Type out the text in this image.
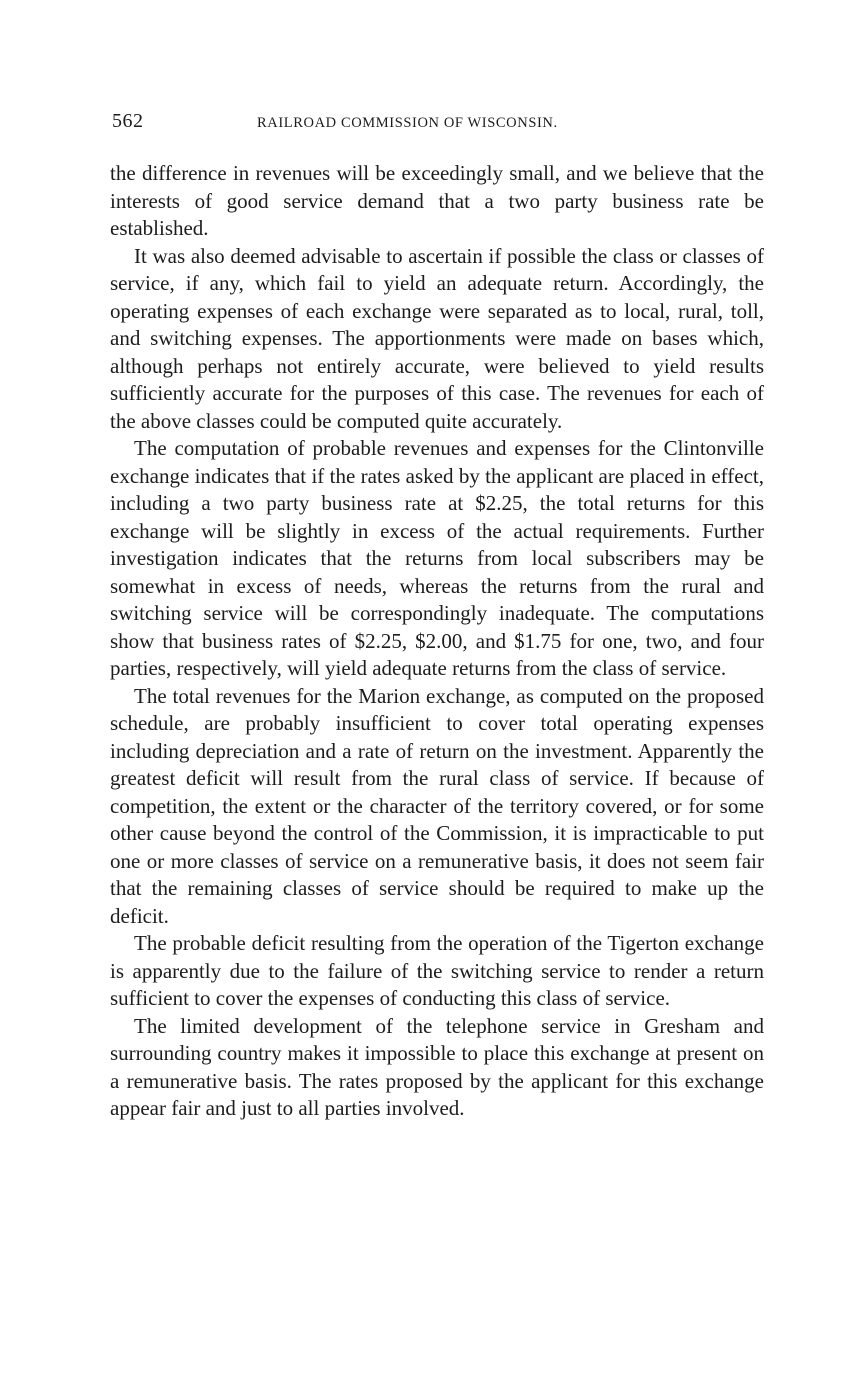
562	RAILROAD COMMISSION OF WISCONSIN.

the difference in revenues will be exceedingly small, and we believe that the interests of good service demand that a two party business rate be established.

It was also deemed advisable to ascertain if possible the class or classes of service, if any, which fail to yield an adequate return. Accordingly, the operating expenses of each exchange were separated as to local, rural, toll, and switching expenses. The apportionments were made on bases which, although perhaps not entirely accurate, were believed to yield results sufficiently accurate for the purposes of this case. The revenues for each of the above classes could be computed quite accurately.

The computation of probable revenues and expenses for the Clintonville exchange indicates that if the rates asked by the applicant are placed in effect, including a two party business rate at $2.25, the total returns for this exchange will be slightly in excess of the actual requirements. Further investigation indicates that the returns from local subscribers may be somewhat in excess of needs, whereas the returns from the rural and switching service will be correspondingly inadequate. The computations show that business rates of $2.25, $2.00, and $1.75 for one, two, and four parties, respectively, will yield adequate returns from the class of service.

The total revenues for the Marion exchange, as computed on the proposed schedule, are probably insufficient to cover total operating expenses including depreciation and a rate of return on the investment. Apparently the greatest deficit will result from the rural class of service. If because of competition, the extent or the character of the territory covered, or for some other cause beyond the control of the Commission, it is impracticable to put one or more classes of service on a remunerative basis, it does not seem fair that the remaining classes of service should be required to make up the deficit.

The probable deficit resulting from the operation of the Tigerton exchange is apparently due to the failure of the switching service to render a return sufficient to cover the expenses of conducting this class of service.

The limited development of the telephone service in Gresham and surrounding country makes it impossible to place this exchange at present on a remunerative basis. The rates proposed by the applicant for this exchange appear fair and just to all parties involved.
